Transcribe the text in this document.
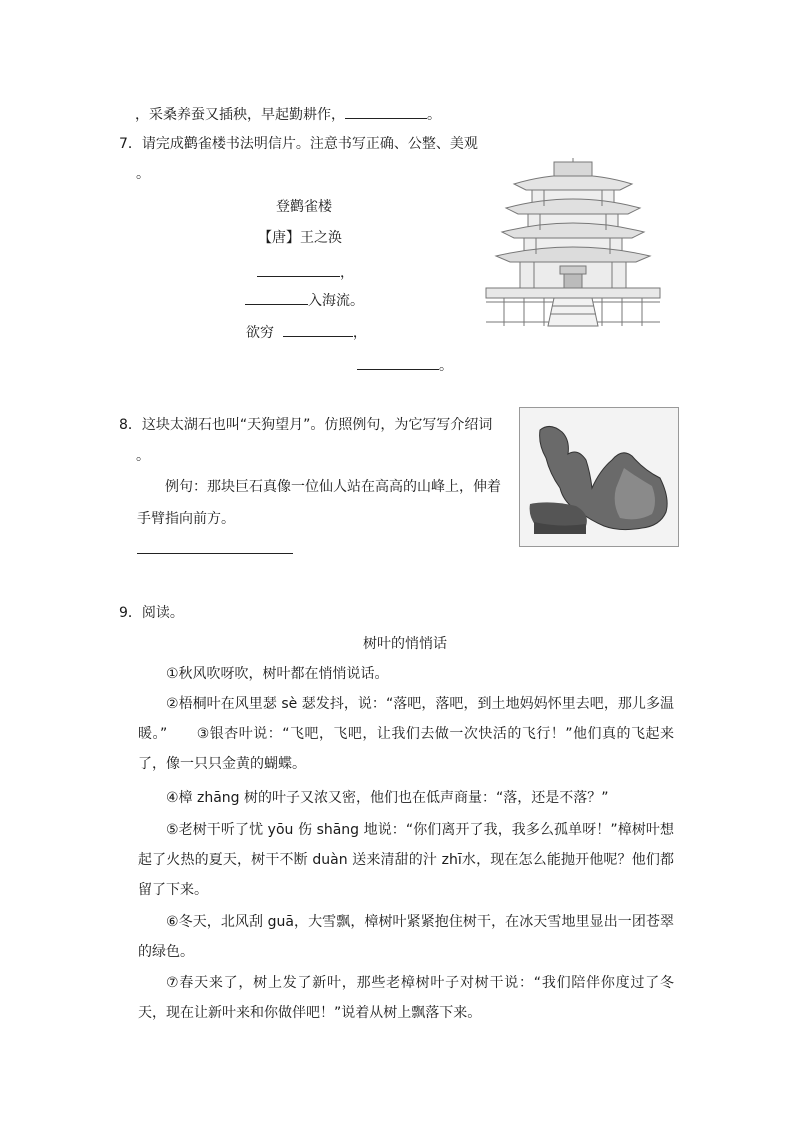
，采桑养蚕又插秧，早起勤耕作，	。
7．请完成鹳雀楼书法明信片。注意书写正确、公整、美观
。
登鹳雀楼
【唐】王之涣
，
入海流。
欲穷	，
。
8．这块太湖石也叫“天狗望月”。仿照例句，为它写写介绍词
。
例句：那块巨石真像一位仙人站在高高的山峰上，伸着
手臂指向前方。
9．阅读。
树叶的悄悄话
①秋风吹呀吹，树叶都在悄悄说话。
②梧桐叶在风里瑟 sè 瑟发抖，说：“落吧，落吧，到土地妈妈怀里去吧，那儿多温暖。”　　③银杏叶说：“飞吧，飞吧，让我们去做一次快活的飞行！”他们真的飞起来了，像一只只金黄的蝴蝶。
④樟 zhāng 树的叶子又浓又密，他们也在低声商量：“落，还是不落？”
⑤老树干听了忧 yōu 伤 shāng 地说：“你们离开了我，我多么孤单呀！”樟树叶想起了火热的夏天，树干不断 duàn 送来清甜的汁 zhī水，现在怎么能抛开他呢？他们都留了下来。
⑥冬天，北风刮 guā，大雪飘，樟树叶紧紧抱住树干，在冰天雪地里显出一团苍翠的绿色。
⑦春天来了，树上发了新叶，那些老樟树叶子对树干说：“我们陪伴你度过了冬天，现在让新叶来和你做伴吧！”说着从树上飘落下来。
